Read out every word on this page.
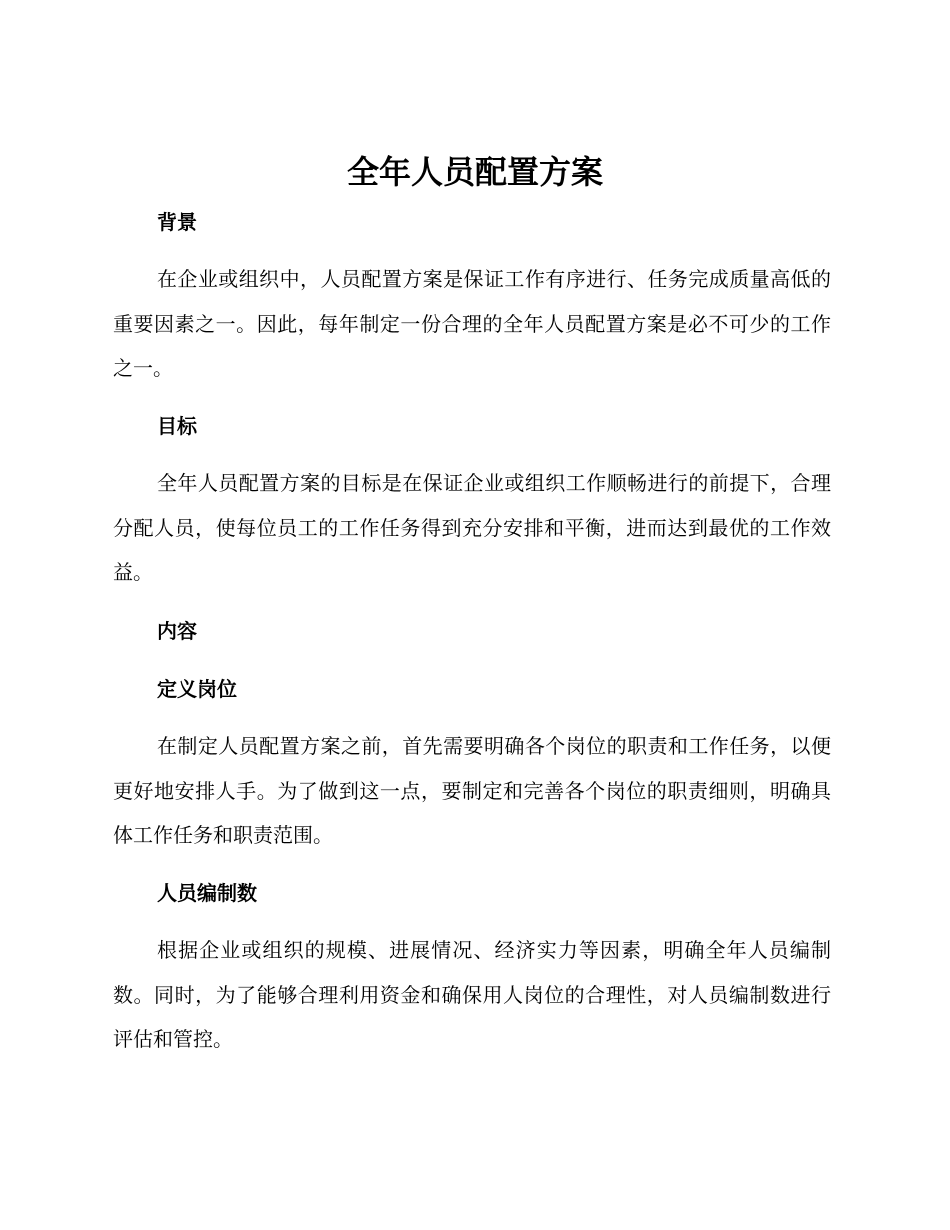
全年人员配置方案
背景

在企业或组织中，人员配置方案是保证工作有序进行、任务完成质量高低的重要因素之一。因此，每年制定一份合理的全年人员配置方案是必不可少的工作之一。

目标

全年人员配置方案的目标是在保证企业或组织工作顺畅进行的前提下，合理分配人员，使每位员工的工作任务得到充分安排和平衡，进而达到最优的工作效益。

内容
定义岗位

在制定人员配置方案之前，首先需要明确各个岗位的职责和工作任务，以便更好地安排人手。为了做到这一点，要制定和完善各个岗位的职责细则，明确具体工作任务和职责范围。

人员编制数

根据企业或组织的规模、进展情况、经济实力等因素，明确全年人员编制数。同时，为了能够合理利用资金和确保用人岗位的合理性，对人员编制数进行评估和管控。
